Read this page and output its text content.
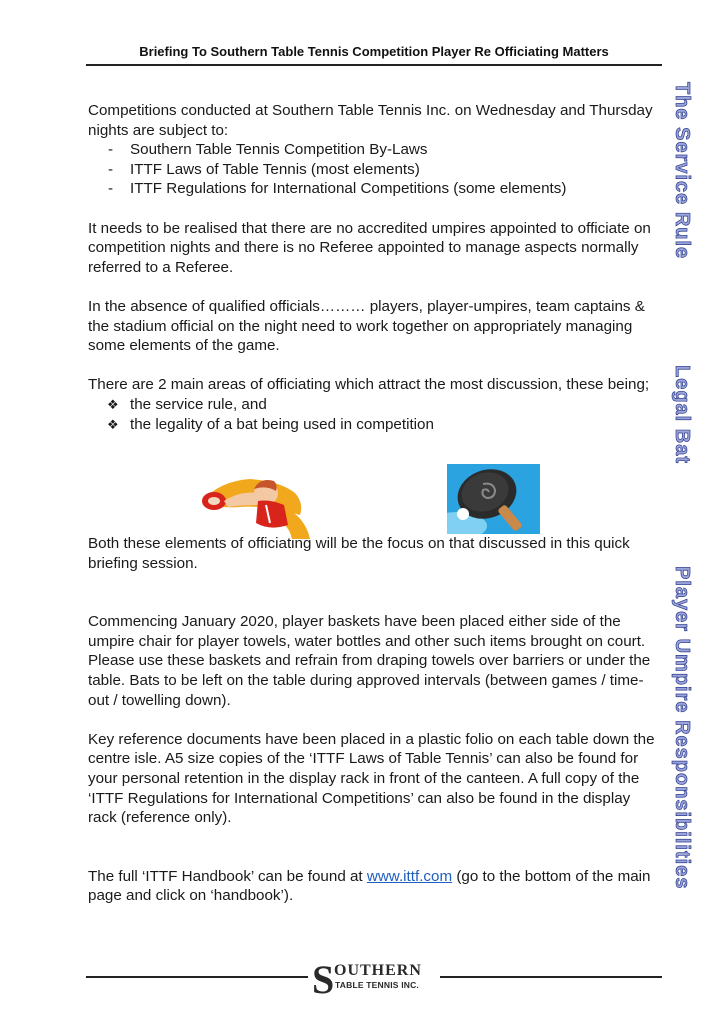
Briefing To Southern Table Tennis Competition Player Re Officiating Matters

Competitions conducted at Southern Table Tennis Inc. on Wednesday and Thursday nights are subject to:

- Southern Table Tennis Competition By-Laws
- ITTF Laws of Table Tennis (most elements)
- ITTF Regulations for International Competitions (some elements)

It needs to be realised that there are no accredited umpires appointed to officiate on competition nights and there is no Referee appointed to manage aspects normally referred to a Referee.

In the absence of qualified officials……… players, player-umpires, team captains & the stadium official on the night need to work together on appropriately managing some elements of the game.

There are 2 main areas of officiating which attract the most discussion, these being;

❖ the service rule, and
❖ the legality of a bat being used in competition

Both these elements of officiating will be the focus on that discussed in this quick briefing session.

Commencing January 2020, player baskets have been placed either side of the umpire chair for player towels, water bottles and other such items brought on court. Please use these baskets and refrain from draping towels over barriers or under the table. Bats to be left on the table during approved intervals (between games / time-out / towelling down).

Key reference documents have been placed in a plastic folio on each table down the centre isle. A5 size copies of the ‘ITTF Laws of Table Tennis’ can also be found for your personal retention in the display rack in front of the canteen. A full copy of the ‘ITTF Regulations for International Competitions’ can also be found in the display rack (reference only).

The full ‘ITTF Handbook’ can be found at www.ittf.com (go to the bottom of the main page and click on ‘handbook’).

The Service Rule
Legal Bat
Player Umpire Responsibilities
S OUTHERN
TABLE TENNIS INC.
